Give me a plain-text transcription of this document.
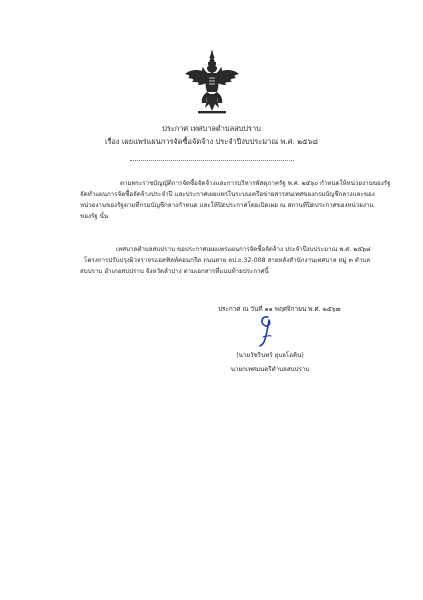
ประกาศ เทศบาลตำบลสบปราบ
เรื่อง เผยแพร่แผนการจัดซื้อจัดจ้าง ประจำปีงบประมาณ พ.ศ. ๒๕๖๘
ตามพระราชบัญญัติการจัดซื้อจัดจ้างและการบริหารพัสดุภาครัฐ พ.ศ. ๒๕๖๐ กำหนดให้หน่วยงานของรัฐ
จัดทำแผนการจัดซื้อจัดจ้างประจำปี และประกาศเผยแพร่ในระบบเครือข่ายสารสนเทศของกรมบัญชีกลางและของ
หน่วยงานของรัฐตามที่กรมบัญชีกลางกำหนด และให้ปิดประกาศโดยเปิดเผย ณ สถานที่ปิดประกาศของหน่วยงาน
ของรัฐ นั้น
เทศบาลตำบลสบปราบ ขอประกาศเผยแพร่แผนการจัดซื้อจัดจ้าง ประจำปีงบประมาณ พ.ศ. ๒๕๖๘
โครงการปรับปรุงผิวจราจรแอสฟัลท์คอนกรีต ถนนสาย ลป.ถ.32-008 สายหลังสำนักงานเทศบาล หมู่ ๓ ตำบล
สบปราบ อำเภอสบปราบ จังหวัดลำปาง ตามเอกสารที่แนบท้ายประกาศนี้
ประกาศ ณ วันที่ ๑๑ พฤศจิกายน พ.ศ. ๒๕๖๗
(นายวัชรินทร์ ยุบลโอคิน)
นายกเทศมนตรีตำบลสบปราบ
